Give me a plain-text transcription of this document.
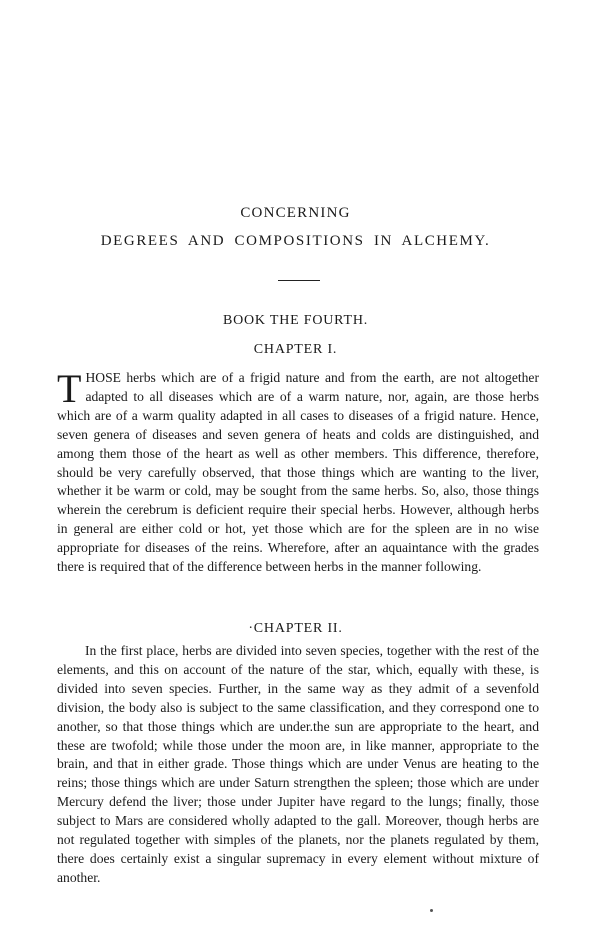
CONCERNING
DEGREES AND COMPOSITIONS IN ALCHEMY.
BOOK THE FOURTH.
CHAPTER I.

THOSE herbs which are of a frigid nature and from the earth, are not altogether adapted to all diseases which are of a warm nature, nor, again, are those herbs which are of a warm quality adapted in all cases to diseases of a frigid nature. Hence, seven genera of diseases and seven genera of heats and colds are distinguished, and among them those of the heart as well as other members. This difference, therefore, should be very carefully observed, that those things which are wanting to the liver, whether it be warm or cold, may be sought from the same herbs. So, also, those things wherein the cerebrum is deficient require their special herbs. However, although herbs in general are either cold or hot, yet those which are for the spleen are in no wise appropriate for diseases of the reins. Wherefore, after an aquaintance with the grades there is required that of the difference between herbs in the manner following.

·CHAPTER II.

In the first place, herbs are divided into seven species, together with the rest of the elements, and this on account of the nature of the star, which, equally with these, is divided into seven species. Further, in the same way as they admit of a sevenfold division, the body also is subject to the same classification, and they correspond one to another, so that those things which are under.the sun are appropriate to the heart, and these are twofold; while those under the moon are, in like manner, appropriate to the brain, and that in either grade. Those things which are under Venus are heating to the reins; those things which are under Saturn strengthen the spleen; those which are under Mercury defend the liver; those under Jupiter have regard to the lungs; finally, those subject to Mars are considered wholly adapted to the gall. Moreover, though herbs are not regulated together with simples of the planets, nor the planets regulated by them, there does certainly exist a singular supremacy in every element without mixture of another.
